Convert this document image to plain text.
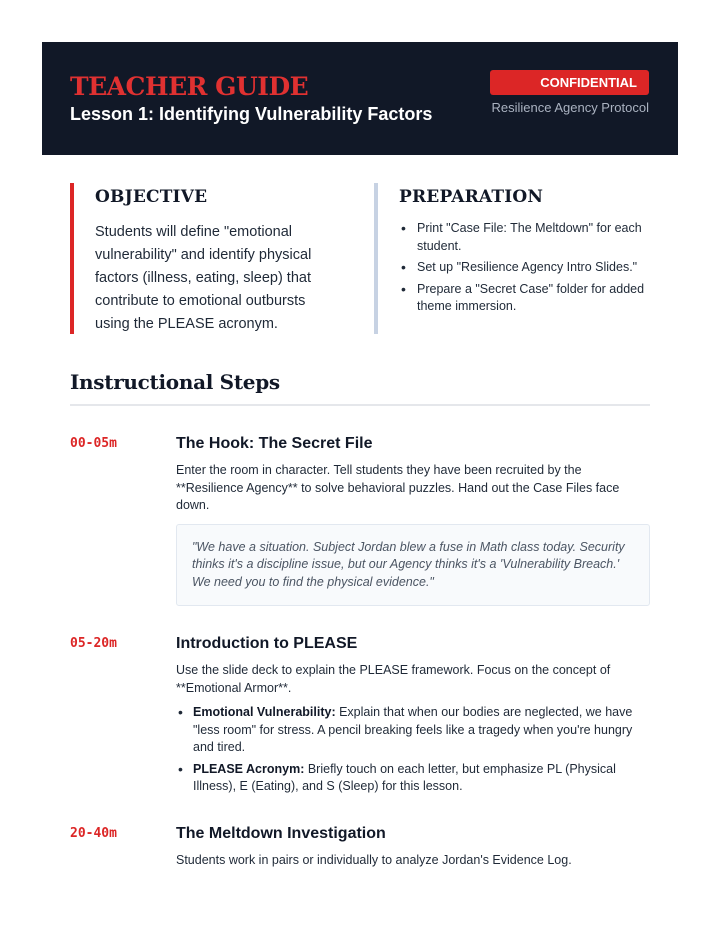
TEACHER GUIDE
Lesson 1: Identifying Vulnerability Factors
CONFIDENTIAL
Resilience Agency Protocol
OBJECTIVE
Students will define "emotional vulnerability" and identify physical factors (illness, eating, sleep) that contribute to emotional outbursts using the PLEASE acronym.
PREPARATION
• Print "Case File: The Meltdown" for each student.
• Set up "Resilience Agency Intro Slides."
• Prepare a "Secret Case" folder for added theme immersion.
Instructional Steps
00-05m	The Hook: The Secret File
Enter the room in character. Tell students they have been recruited by the **Resilience Agency** to solve behavioral puzzles. Hand out the Case Files face down.
"We have a situation. Subject Jordan blew a fuse in Math class today. Security thinks it's a discipline issue, but our Agency thinks it's a 'Vulnerability Breach.' We need you to find the physical evidence."
05-20m	Introduction to PLEASE
Use the slide deck to explain the PLEASE framework. Focus on the concept of **Emotional Armor**.
• Emotional Vulnerability: Explain that when our bodies are neglected, we have "less room" for stress. A pencil breaking feels like a tragedy when you're hungry and tired.
• PLEASE Acronym: Briefly touch on each letter, but emphasize PL (Physical Illness), E (Eating), and S (Sleep) for this lesson.
20-40m	The Meltdown Investigation
Students work in pairs or individually to analyze Jordan's Evidence Log.
